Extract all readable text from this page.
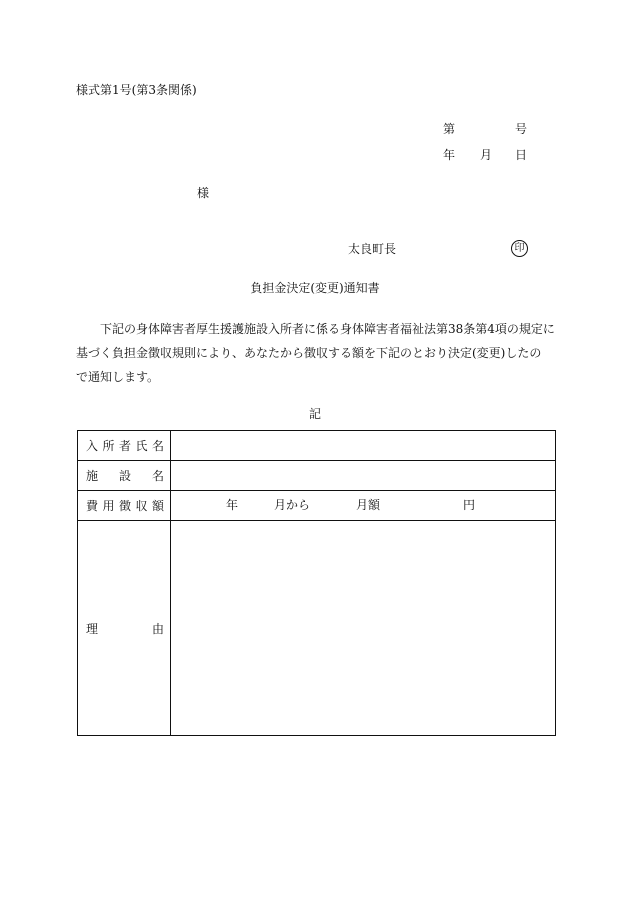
様式第1号(第3条関係)
第	号
年 月 日
様
太良町長	印
負担金決定(変更)通知書
下記の身体障害者厚生援護施設入所者に係る身体障害者福祉法第38条第4項の規定に
基づく負担金徴収規則により、あなたから徴収する額を下記のとおり決定(変更)したの
で通知します。
記
入 所 者 氏 名	

施 設 名	

費 用 徴 収 額	年 月から 月額 円

理 由	
